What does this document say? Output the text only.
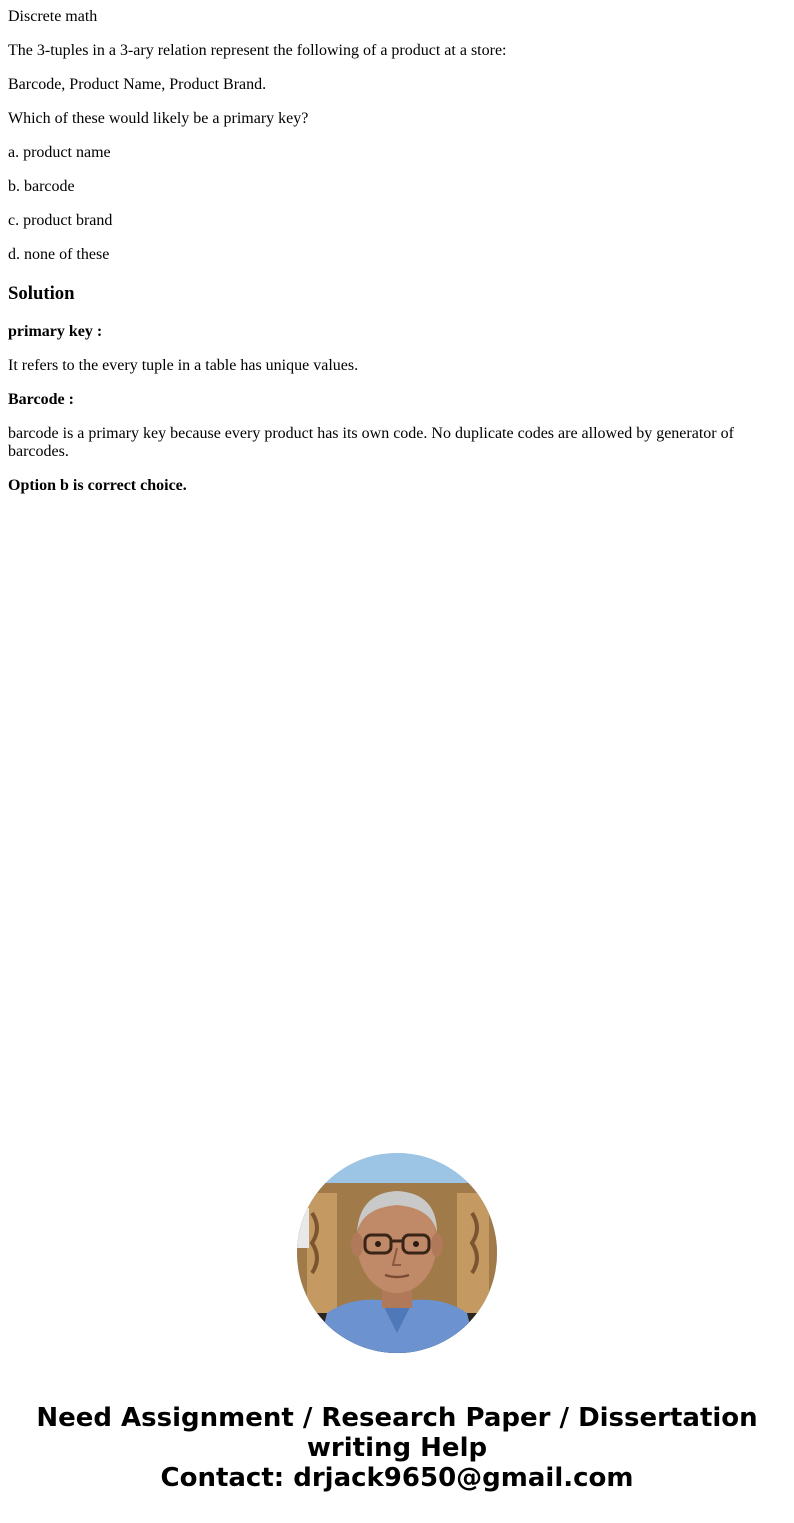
Discrete math

The 3-tuples in a 3-ary relation represent the following of a product at a store:

Barcode, Product Name, Product Brand.

Which of these would likely be a primary key?

a. product name

b. barcode

c. product brand

d. none of these

Solution

primary key :

It refers to the every tuple in a table has unique values.

Barcode :

barcode is a primary key because every product has its own code. No duplicate codes are allowed by generator of barcodes.

Option b is correct choice.

Need Assignment / Research Paper / Dissertation
writing Help
Contact: drjack9650@gmail.com
